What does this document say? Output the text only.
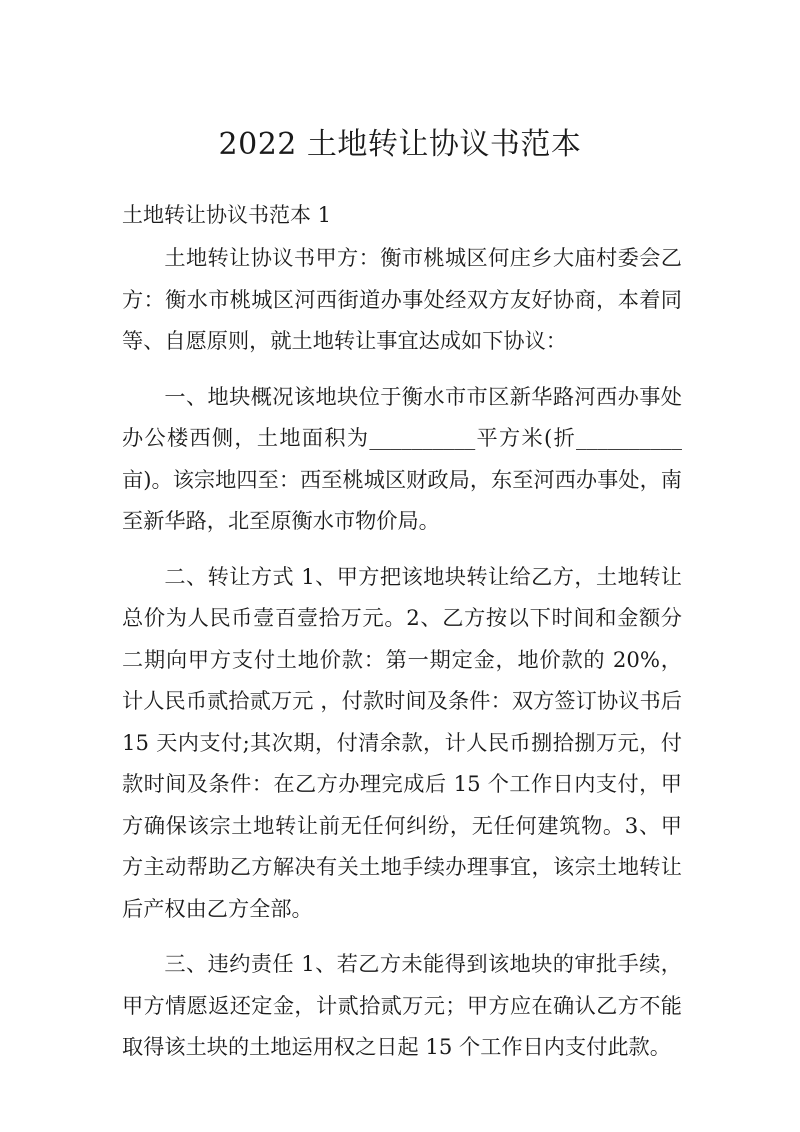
2022 土地转让协议书范本

土地转让协议书范本 1

土地转让协议书甲方：衡市桃城区何庄乡大庙村委会乙方：衡水市桃城区河西街道办事处经双方友好协商，本着同等、自愿原则，就土地转让事宜达成如下协议：

一、地块概况该地块位于衡水市市区新华路河西办事处办公楼西侧，土地面积为__________平方米(折__________亩)。该宗地四至：西至桃城区财政局，东至河西办事处，南至新华路，北至原衡水市物价局。

二、转让方式 1、甲方把该地块转让给乙方，土地转让总价为人民币壹百壹拾万元。2、乙方按以下时间和金额分二期向甲方支付土地价款：第一期定金，地价款的 20%，计人民币贰拾贰万元 ，付款时间及条件：双方签订协议书后 15 天内支付;其次期，付清余款，计人民币捌拾捌万元，付款时间及条件：在乙方办理完成后 15 个工作日内支付，甲方确保该宗土地转让前无任何纠纷，无任何建筑物。3、甲方主动帮助乙方解决有关土地手续办理事宜，该宗土地转让后产权由乙方全部。

三、违约责任 1、若乙方未能得到该地块的审批手续，甲方情愿返还定金，计贰拾贰万元；甲方应在确认乙方不能取得该土块的土地运用权之日起 15 个工作日内支付此款。
